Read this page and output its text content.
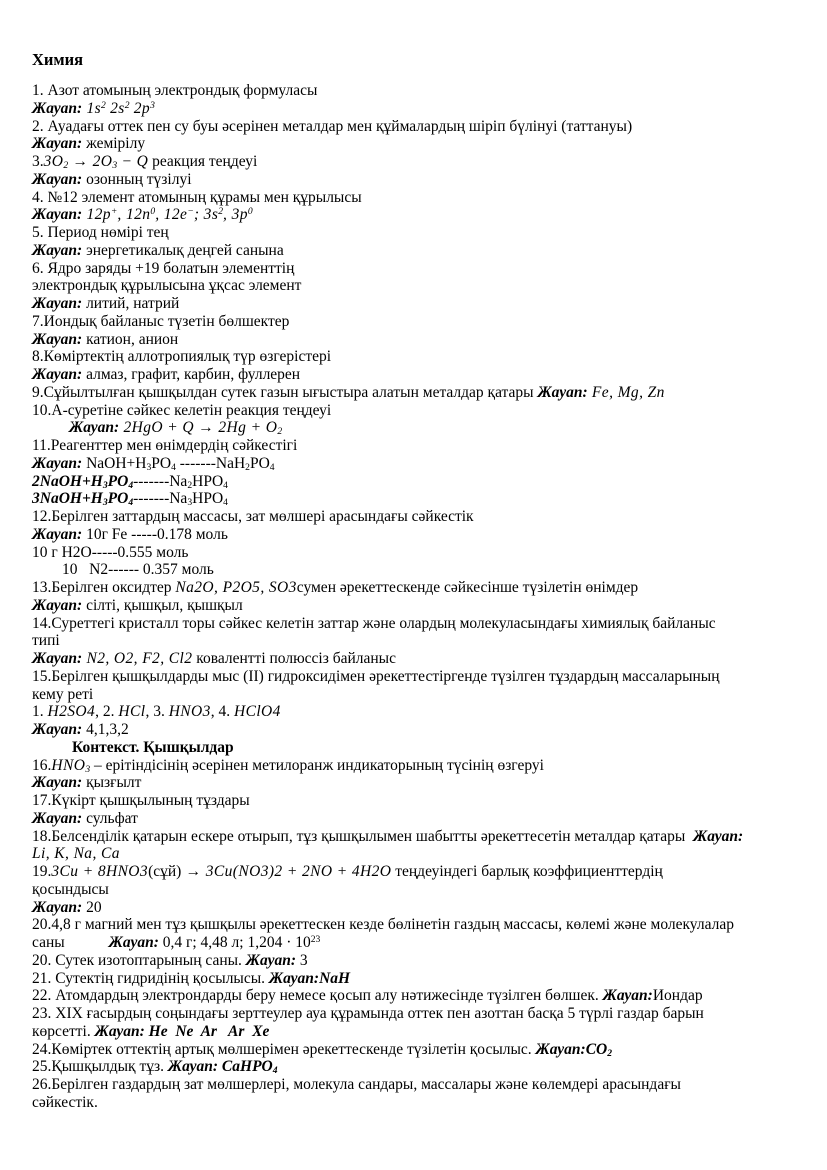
Химия
1. Азот атомының электрондық формуласы
Жауап: $1s^2$ $2s^2$ $2p^3$
2. Ауадағы оттек пен су буы әсерінен металдар мен құймалардың шіріп бүлінуі (таттануы)
Жауап: жемірілу
3.3O2 → 2O3 − Q реакция теңдеуі
Жауап: озонның түзілуі
4. №12 элемент атомының құрамы мен құрылысы
Жауап: 12p+, $12n^0$, 12e−; $3s^2$, $3p^0$
5. Период нөмірі тең
Жауап: энергетикалық деңгей санына
6. Ядро заряды +19 болатын элементтің
электрондық құрылысына ұқсас элемент
Жауап: литий, натрий
7.Иондық байланыс түзетін бөлшектер
Жауап: катион, анион
8.Көміртектің аллотропиялық түр өзгерістері
Жауап: алмаз, графит, карбин, фуллерен
9.Сұйылтылған қышқылдан сутек газын ығыстыра алатын металдар қатары Жауап: Fe, Mg, Zn
10.А-суретіне сәйкес келетін реакция теңдеуі
Жауап: 2HgO + Q → 2Hg + O2
11.Реагенттер мен өнімдердің сәйкестігі
Жауап: NaOH+H3PO4 -------NaH2PO4
2NaOH+H3PO4-------Na2HPO4
3NaOH+H3PO4-------Na3HPO4
12.Берілген заттардың массасы, зат мөлшері арасындағы сәйкестік
Жауап: 10г Fe -----0.178 моль
10 г H2O-----0.555 моль
10   N2------ 0.357 моль
13.Берілген оксидтер Na2O, P2O5, SO3сумен әрекеттескенде сәйкесінше түзілетін өнімдер
Жауап: сілті, қышқыл, қышқыл
14.Суреттегі кристалл торы сәйкес келетін заттар және олардың молекуласындағы химиялық байланыс
типі
Жауап: N2, O2, F2, Cl2 ковалентті полюссіз байланыс
15.Берілген қышқылдарды мыс (II) гидроксидімен әрекеттестіргенде түзілген тұздардың массаларының
кему реті
1. H2SO4, 2. HCl, 3. HNO3, 4. HClO4
Жауап: 4,1,3,2
Контекст. Қышқылдар
16.HNO3 – ерітіндісінің әсерінен метилоранж индикаторының түсінің өзгеруі
Жауап: қызғылт
17.Күкірт қышқылының тұздары
Жауап: сульфат
18.Белсенділік қатарын ескере отырып, тұз қышқылымен шабытты әрекеттесетін металдар қатары  Жауап:
Li, K, Na, Ca
19.3Cu + 8HNO3(сұй) → 3Cu(NO3)2 + 2NO + 4H2O теңдеуіндегі барлық коэффициенттердің
қосындысы
Жауап: 20
20.4,8 г магний мен тұз қышқылы әрекеттескен кезде бөлінетін газдың массасы, көлемі және молекулалар
саны	Жауап: 0,4 г; 4,48 л; $1,204 \cdot 10^{23}$
20. Сутек изотоптарының саны. Жауап: 3
21. Сутектің гидридінің қосылысы. Жауап:NaH
22. Атомдардың электрондарды беру немесе қосып алу нәтижесінде түзілген бөлшек. Жауап:Иондар
23. XIX ғасырдың соңындағы зерттеулер ауа құрамында оттек пен азоттан басқа 5 түрлі газдар барын
көрсетті. Жауап: He  Ne  Ar   Ar  Xe
24.Көміртек оттектің артық мөлшерімен әрекеттескенде түзілетін қосылыс. Жауап:CO2
25.Қышқылдық тұз. Жауап: CaHPO4
26.Берілген газдардың зат мөлшерлері, молекула сандары, массалары және көлемдері арасындағы
сәйкестік.
